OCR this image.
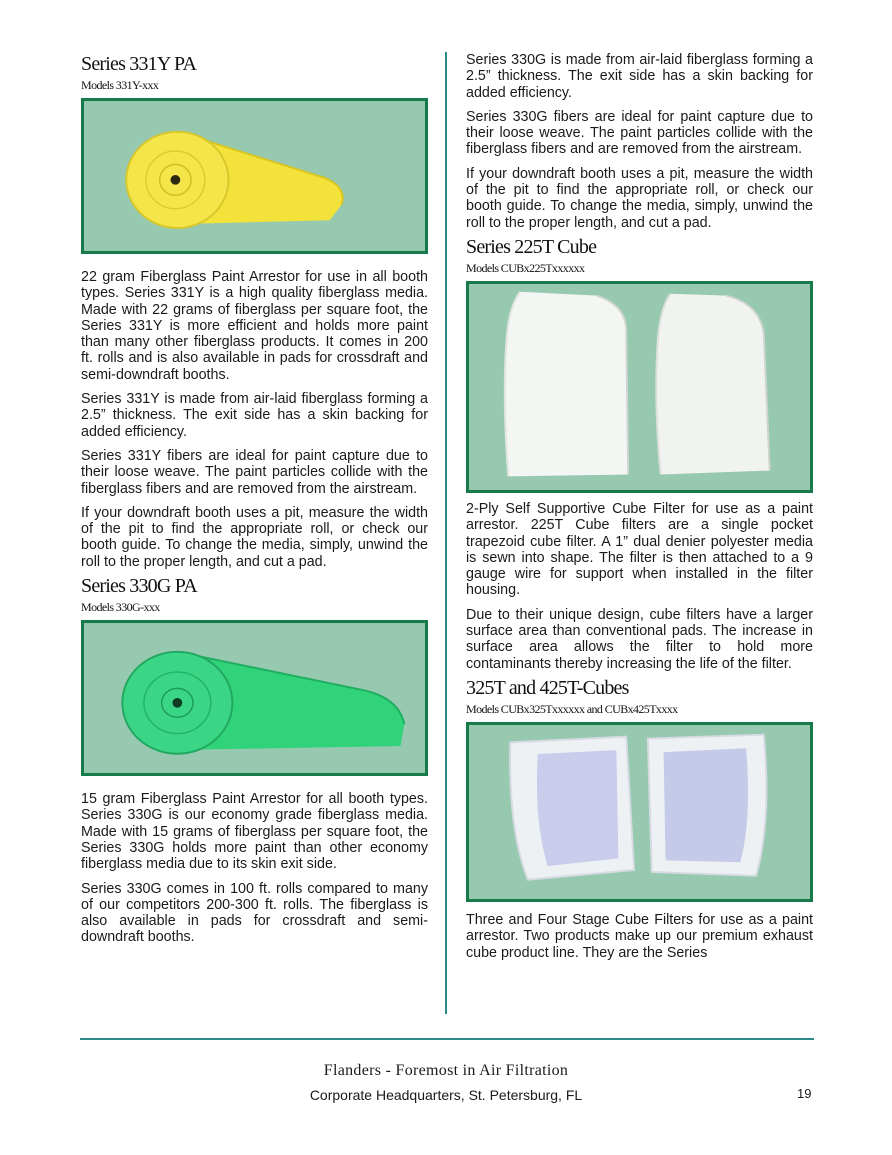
Series 331Y PA
Models 331Y-xxx

22 gram Fiberglass Paint Arrestor for use in all booth types. Series 331Y is a high quality fiberglass media. Made with 22 grams of fiberglass per square foot, the Series 331Y is more efficient and holds more paint than many other fiberglass products. It comes in 200 ft. rolls and is also available in pads for crossdraft and semi-downdraft booths.

Series 331Y is made from air-laid fiberglass forming a 2.5” thickness. The exit side has a skin backing for added efficiency.

Series 331Y fibers are ideal for paint capture due to their loose weave. The paint particles collide with the fiberglass fibers and are removed from the airstream.

If your downdraft booth uses a pit, measure the width of the pit to find the appropriate roll, or check our booth guide. To change the media, simply, unwind the roll to the proper length, and cut a pad.

Series 330G PA
Models 330G-xxx

15 gram Fiberglass Paint Arrestor for all booth types. Series 330G is our economy grade fiberglass media. Made with 15 grams of fiberglass per square foot, the Series 330G holds more paint than other economy fiberglass media due to its skin exit side.

Series 330G comes in 100 ft. rolls compared to many of our competitors 200-300 ft. rolls. The fiberglass is also available in pads for crossdraft and semi-downdraft booths.

Series 330G is made from air-laid fiberglass forming a 2.5” thickness. The exit side has a skin backing for added efficiency.

Series 330G fibers are ideal for paint capture due to their loose weave. The paint particles collide with the fiberglass fibers and are removed from the airstream.

If your downdraft booth uses a pit, measure the width of the pit to find the appropriate roll, or check our booth guide. To change the media, simply, unwind the roll to the proper length, and cut a pad.

Series 225T Cube
Models CUBx225Txxxxxx

2-Ply Self Supportive Cube Filter for use as a paint arrestor. 225T Cube filters are a single pocket trapezoid cube filter. A 1” dual denier polyester media is sewn into shape. The filter is then attached to a 9 gauge wire for support when installed in the filter housing.

Due to their unique design, cube filters have a larger surface area than conventional pads. The increase in surface area allows the filter to hold more contaminants thereby increasing the life of the filter.

325T and 425T-Cubes
Models CUBx325Txxxxxx and CUBx425Txxxx

Three and Four Stage Cube Filters for use as a paint arrestor. Two products make up our premium exhaust cube product line. They are the Series

Flanders - Foremost in Air Filtration
Corporate Headquarters, St. Petersburg, FL	19
